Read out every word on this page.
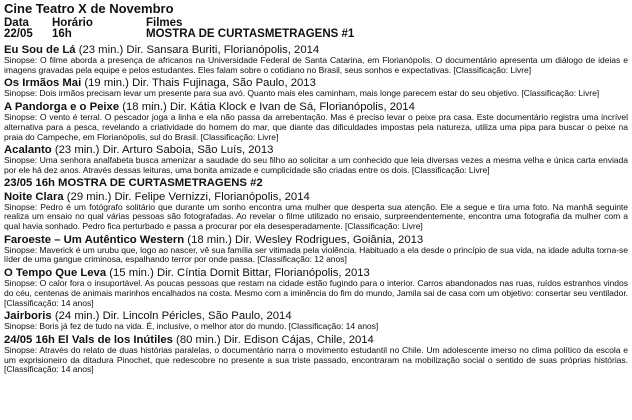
Cine Teatro X de Novembro
Data Horário	Filmes
22/05 16h	MOSTRA DE CURTASMETRAGENS #1
Eu Sou de Lá (23 min.) Dir. Sansara Buriti, Florianópolis, 2014
Sinopse: O filme aborda a presença de africanos na Universidade Federal de Santa Catarina, em Florianópolis. O documentário apresenta um diálogo de ideias e imagens gravadas pela equipe e pelos estudantes. Eles falam sobre o cotidiano no Brasil, seus sonhos e expectativas. [Classificação: Livre]
Os Irmãos Mai (19 min.) Dir. Thais Fujinaga, São Paulo, 2013
Sinopse: Dois irmãos precisam levar um presente para sua avó. Quanto mais eles caminham, mais longe parecem estar do seu objetivo. [Classificação: Livre]
A Pandorga e o Peixe (18 min.) Dir. Kátia Klock e Ivan de Sá, Florianópolis, 2014
Sinopse: O vento é terral. O pescador joga a linha e ela não passa da arrebentação. Mas é preciso levar o peixe pra casa. Este documentário registra uma incrível alternativa para a pesca, revelando a criatividade do homem do mar, que diante das dificuldades impostas pela natureza, utiliza uma pipa para buscar o peixe na praia do Campeche, em Florianópolis, sul do Brasil. [Classificação: Livre]
Acalanto (23 min.) Dir. Arturo Saboia, São Luís, 2013
Sinopse: Uma senhora analfabeta busca amenizar a saudade do seu filho ao solicitar a um conhecido que leia diversas vezes a mesma velha e única carta enviada por ele há dez anos. Através dessas leituras, uma bonita amizade e cumplicidade são criadas entre os dois. [Classificação: Livre]
23/05 16h MOSTRA DE CURTASMETRAGENS #2
Noite Clara (29 min.) Dir. Felipe Vernizzi, Florianópolis, 2014
Sinopse: Pedro é um fotógrafo solitário que durante um sonho encontra uma mulher que desperta sua atenção. Ele a segue e tira uma foto. Na manhã seguinte realiza um ensaio no qual várias pessoas são fotografadas. Ao revelar o filme utilizado no ensaio, surpreendentemente, encontra uma fotografia da mulher com a qual havia sonhado. Pedro fica perturbado e passa a procurar por ela desesperadamente. [Classificação: Livre]
Faroeste – Um Autêntico Western (18 min.) Dir. Wesley Rodrigues, Goiânia, 2013
Sinopse: Maverick é um urubu que, logo ao nascer, vê sua família ser vitimada pela violência. Habituado a ela desde o princípio de sua vida, na idade adulta torna-se líder de uma gangue criminosa, espalhando terror por onde passa. [Classificação: 12 anos]
O Tempo Que Leva (15 min.) Dir. Cíntia Domit Bittar, Florianópolis, 2013
Sinopse: O calor fora o insuportável. As poucas pessoas que restam na cidade estão fugindo para o interior. Carros abandonados nas ruas, ruídos estranhos vindos do céu, centenas de animais marinhos encalhados na costa. Mesmo com a iminência do fim do mundo, Jamila sai de casa com um objetivo: consertar seu ventilador. [Classificação: 14 anos]
Jairboris (24 min.) Dir. Lincoln Péricles, São Paulo, 2014
Sinopse: Boris já fez de tudo na vida. É, inclusive, o melhor ator do mundo. [Classificação: 14 anos]
24/05 16h El Vals de los Inútiles (80 min.) Dir. Edison Cájas, Chile, 2014
Sinopse: Através do relato de duas histórias paralelas, o documentário narra o movimento estudantil no Chile. Um adolescente imerso no clima político da escola e um exprisioneiro da ditadura Pinochet, que redescobre no presente a sua triste passado, encontraram na mobilização social o sentido de suas próprias histórias. [Classificação: 14 anos]
